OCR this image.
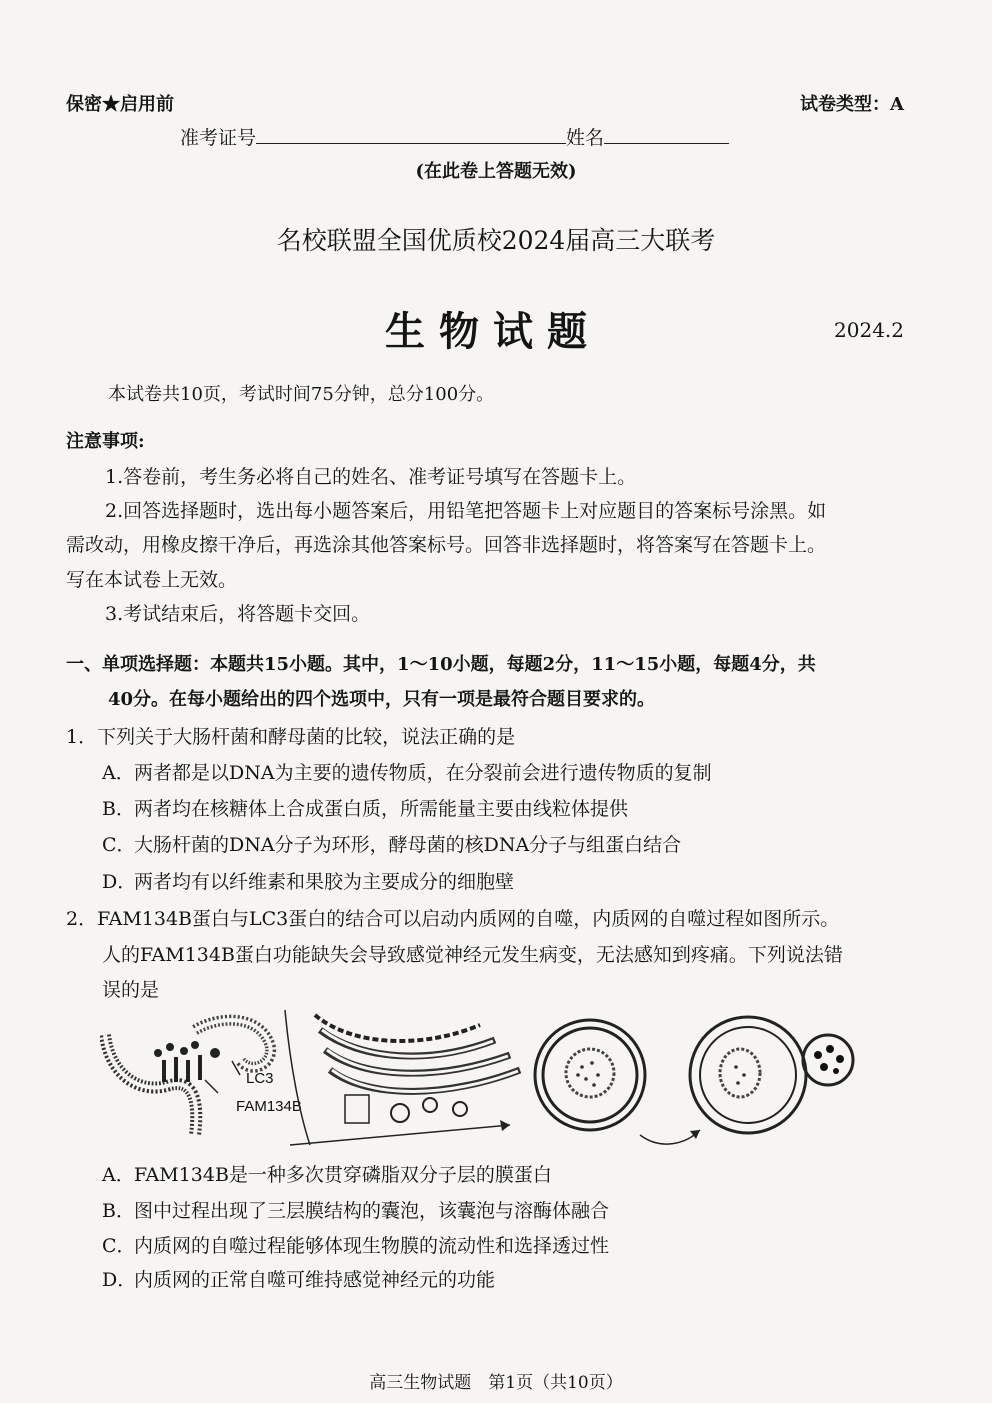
保密★启用前	试卷类型：A
准考证号	姓名
(在此卷上答题无效)
名校联盟全国优质校2024届高三大联考
生物试题	2024.2
本试卷共10页，考试时间75分钟，总分100分。
注意事项:
1.答卷前，考生务必将自己的姓名、准考证号填写在答题卡上。
2.回答选择题时，选出每小题答案后，用铅笔把答题卡上对应题目的答案标号涂黑。如
需改动，用橡皮擦干净后，再选涂其他答案标号。回答非选择题时，将答案写在答题卡上。
写在本试卷上无效。
3.考试结束后，将答题卡交回。
一、单项选择题：本题共15小题。其中，1～10小题，每题2分，11～15小题，每题4分，共
40分。在每小题给出的四个选项中，只有一项是最符合题目要求的。
1．下列关于大肠杆菌和酵母菌的比较，说法正确的是
A．两者都是以DNA为主要的遗传物质，在分裂前会进行遗传物质的复制
B．两者均在核糖体上合成蛋白质，所需能量主要由线粒体提供
C．大肠杆菌的DNA分子为环形，酵母菌的核DNA分子与组蛋白结合
D．两者均有以纤维素和果胶为主要成分的细胞壁
2．FAM134B蛋白与LC3蛋白的结合可以启动内质网的自噬，内质网的自噬过程如图所示。
人的FAM134B蛋白功能缺失会导致感觉神经元发生病变，无法感知到疼痛。下列说法错
误的是
LC3
FAM134B
A．FAM134B是一种多次贯穿磷脂双分子层的膜蛋白
B．图中过程出现了三层膜结构的囊泡，该囊泡与溶酶体融合
C．内质网的自噬过程能够体现生物膜的流动性和选择透过性
D．内质网的正常自噬可维持感觉神经元的功能
高三生物试题　第1页（共10页）
